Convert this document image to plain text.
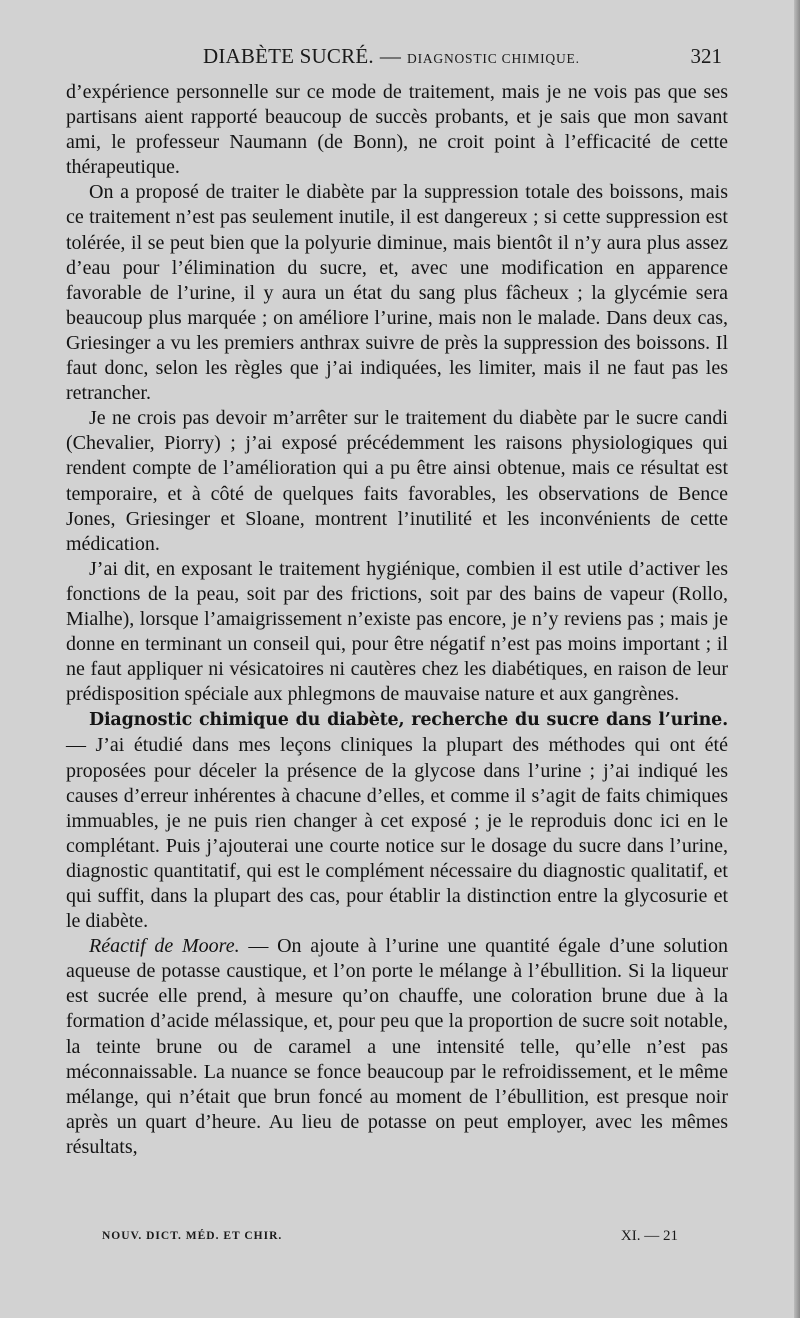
DIABÈTE SUCRÉ. — DIAGNOSTIC CHIMIQUE.	321

d’expérience personnelle sur ce mode de traitement, mais je ne vois pas que ses partisans aient rapporté beaucoup de succès probants, et je sais que mon savant ami, le professeur Naumann (de Bonn), ne croit point à l’efficacité de cette thérapeutique.

On a proposé de traiter le diabète par la suppression totale des boissons, mais ce traitement n’est pas seulement inutile, il est dangereux ; si cette suppression est tolérée, il se peut bien que la polyurie diminue, mais bientôt il n’y aura plus assez d’eau pour l’élimination du sucre, et, avec une modification en apparence favorable de l’urine, il y aura un état du sang plus fâcheux ; la glycémie sera beaucoup plus marquée ; on améliore l’urine, mais non le malade. Dans deux cas, Griesinger a vu les premiers anthrax suivre de près la suppression des boissons. Il faut donc, selon les règles que j’ai indiquées, les limiter, mais il ne faut pas les retrancher.

Je ne crois pas devoir m’arrêter sur le traitement du diabète par le sucre candi (Chevalier, Piorry) ; j’ai exposé précédemment les raisons physiologiques qui rendent compte de l’amélioration qui a pu être ainsi obtenue, mais ce résultat est temporaire, et à côté de quelques faits favorables, les observations de Bence Jones, Griesinger et Sloane, montrent l’inutilité et les inconvénients de cette médication.

J’ai dit, en exposant le traitement hygiénique, combien il est utile d’activer les fonctions de la peau, soit par des frictions, soit par des bains de vapeur (Rollo, Mialhe), lorsque l’amaigrissement n’existe pas encore, je n’y reviens pas ; mais je donne en terminant un conseil qui, pour être négatif n’est pas moins important ; il ne faut appliquer ni vésicatoires ni cautères chez les diabétiques, en raison de leur prédisposition spéciale aux phlegmons de mauvaise nature et aux gangrènes.

Diagnostic chimique du diabète, recherche du sucre dans l’urine. — J’ai étudié dans mes leçons cliniques la plupart des méthodes qui ont été proposées pour déceler la présence de la glycose dans l’urine ; j’ai indiqué les causes d’erreur inhérentes à chacune d’elles, et comme il s’agit de faits chimiques immuables, je ne puis rien changer à cet exposé ; je le reproduis donc ici en le complétant. Puis j’ajouterai une courte notice sur le dosage du sucre dans l’urine, diagnostic quantitatif, qui est le complément nécessaire du diagnostic qualitatif, et qui suffit, dans la plupart des cas, pour établir la distinction entre la glycosurie et le diabète.

Réactif de Moore. — On ajoute à l’urine une quantité égale d’une solution aqueuse de potasse caustique, et l’on porte le mélange à l’ébullition. Si la liqueur est sucrée elle prend, à mesure qu’on chauffe, une coloration brune due à la formation d’acide mélassique, et, pour peu que la proportion de sucre soit notable, la teinte brune ou de caramel a une intensité telle, qu’elle n’est pas méconnaissable. La nuance se fonce beaucoup par le refroidissement, et le même mélange, qui n’était que brun foncé au moment de l’ébullition, est presque noir après un quart d’heure. Au lieu de potasse on peut employer, avec les mêmes résultats,

NOUV. DICT. MÉD. ET CHIR.	XI. — 21
